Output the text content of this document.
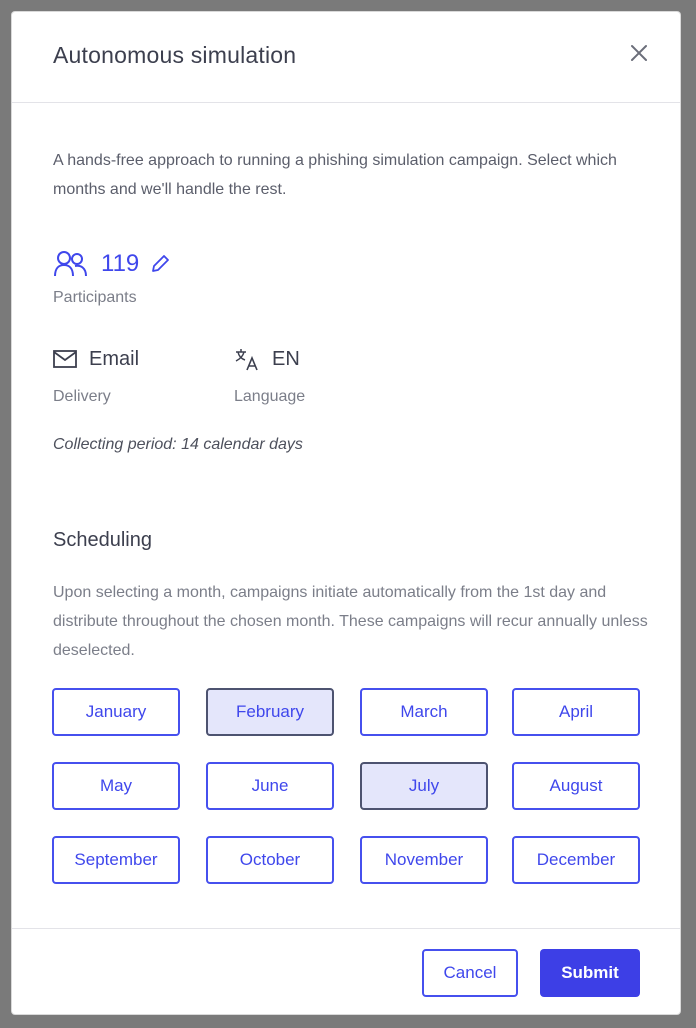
Autonomous simulation
A hands-free approach to running a phishing simulation campaign. Select which months and we'll handle the rest.
119
Participants
Email
Delivery
EN
Language
Collecting period: 14 calendar days
Scheduling
Upon selecting a month, campaigns initiate automatically from the 1st day and distribute throughout the chosen month. These campaigns will recur annually unless deselected.
January	February	March	April
May	June	July	August
September	October	November	December
Cancel	Submit
